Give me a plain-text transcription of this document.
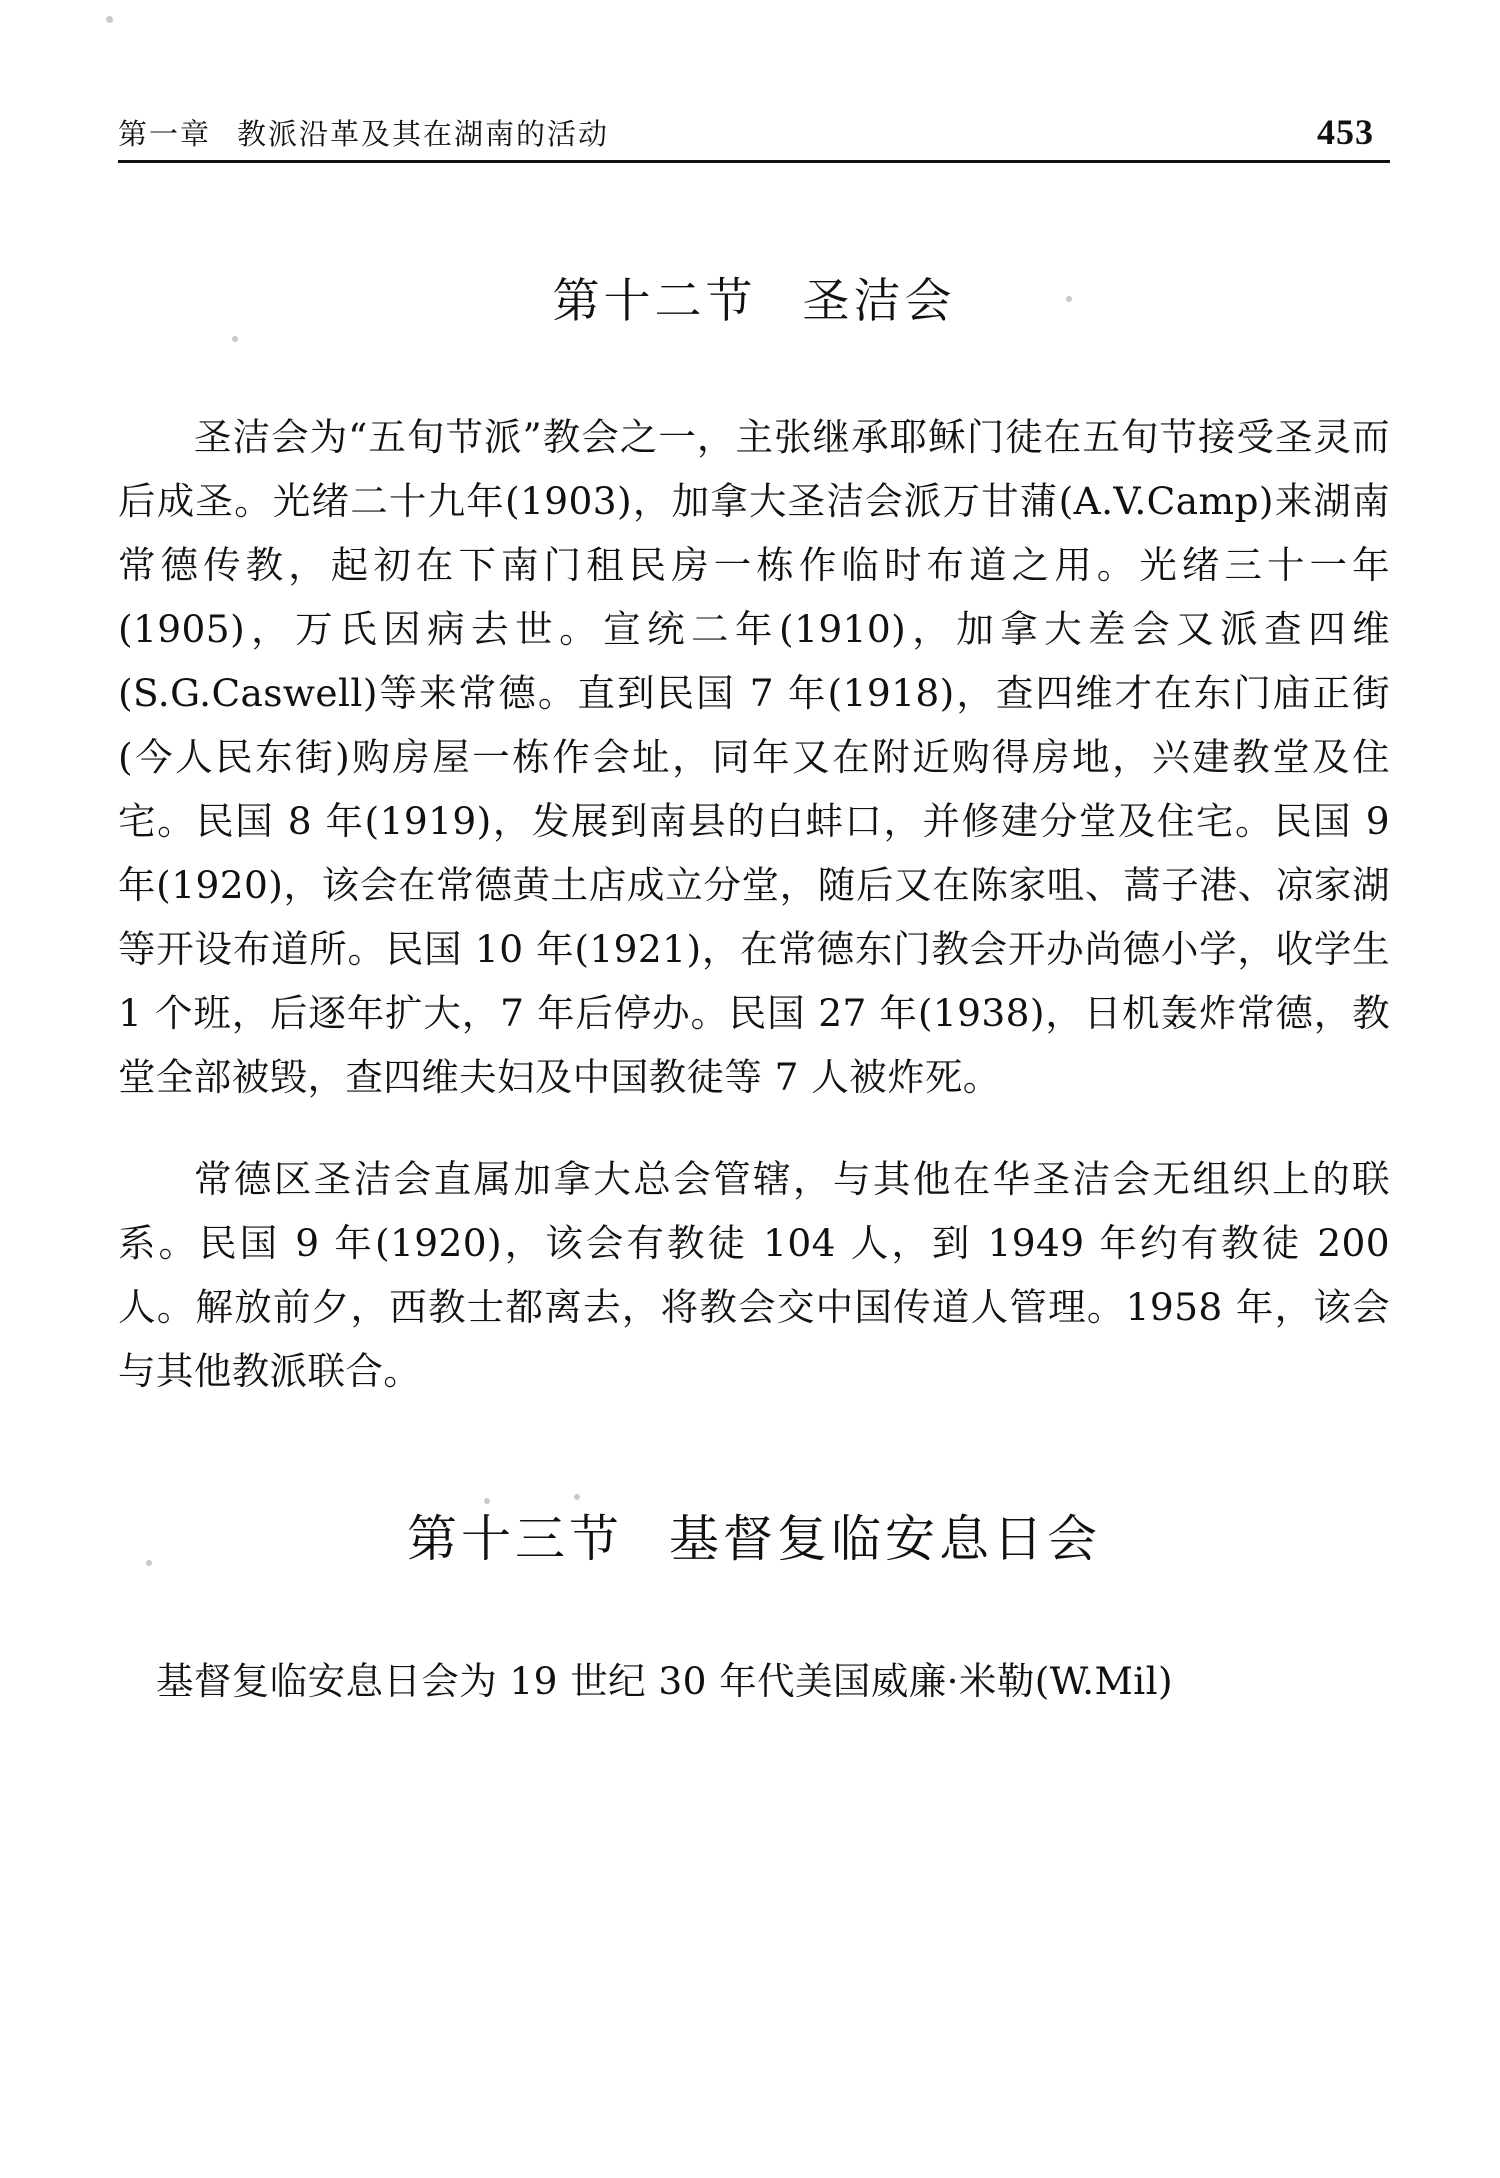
第一章 教派沿革及其在湖南的活动	453
第十二节 圣洁会

圣洁会为“五旬节派”教会之一，主张继承耶稣门徒在五旬节接受圣灵而后成圣。光绪二十九年(1903)，加拿大圣洁会派万甘蒲(A.V.Camp)来湖南常德传教，起初在下南门租民房一栋作临时布道之用。光绪三十一年(1905)，万氏因病去世。宣统二年(1910)，加拿大差会又派查四维(S.G.Caswell)等来常德。直到民国 7 年(1918)，查四维才在东门庙正街(今人民东街)购房屋一栋作会址，同年又在附近购得房地，兴建教堂及住宅。民国 8 年(1919)，发展到南县的白蚌口，并修建分堂及住宅。民国 9 年(1920)，该会在常德黄土店成立分堂，随后又在陈家咀、蒿子港、凉家湖等开设布道所。民国 10 年(1921)，在常德东门教会开办尚德小学，收学生 1 个班，后逐年扩大，7 年后停办。民国 27 年(1938)，日机轰炸常德，教堂全部被毁，查四维夫妇及中国教徒等 7 人被炸死。

常德区圣洁会直属加拿大总会管辖，与其他在华圣洁会无组织上的联系。民国 9 年(1920)，该会有教徒 104 人，到 1949 年约有教徒 200 人。解放前夕，西教士都离去，将教会交中国传道人管理。1958 年，该会与其他教派联合。

第十三节 基督复临安息日会

基督复临安息日会为 19 世纪 30 年代美国威廉·米勒(W.Mil)
